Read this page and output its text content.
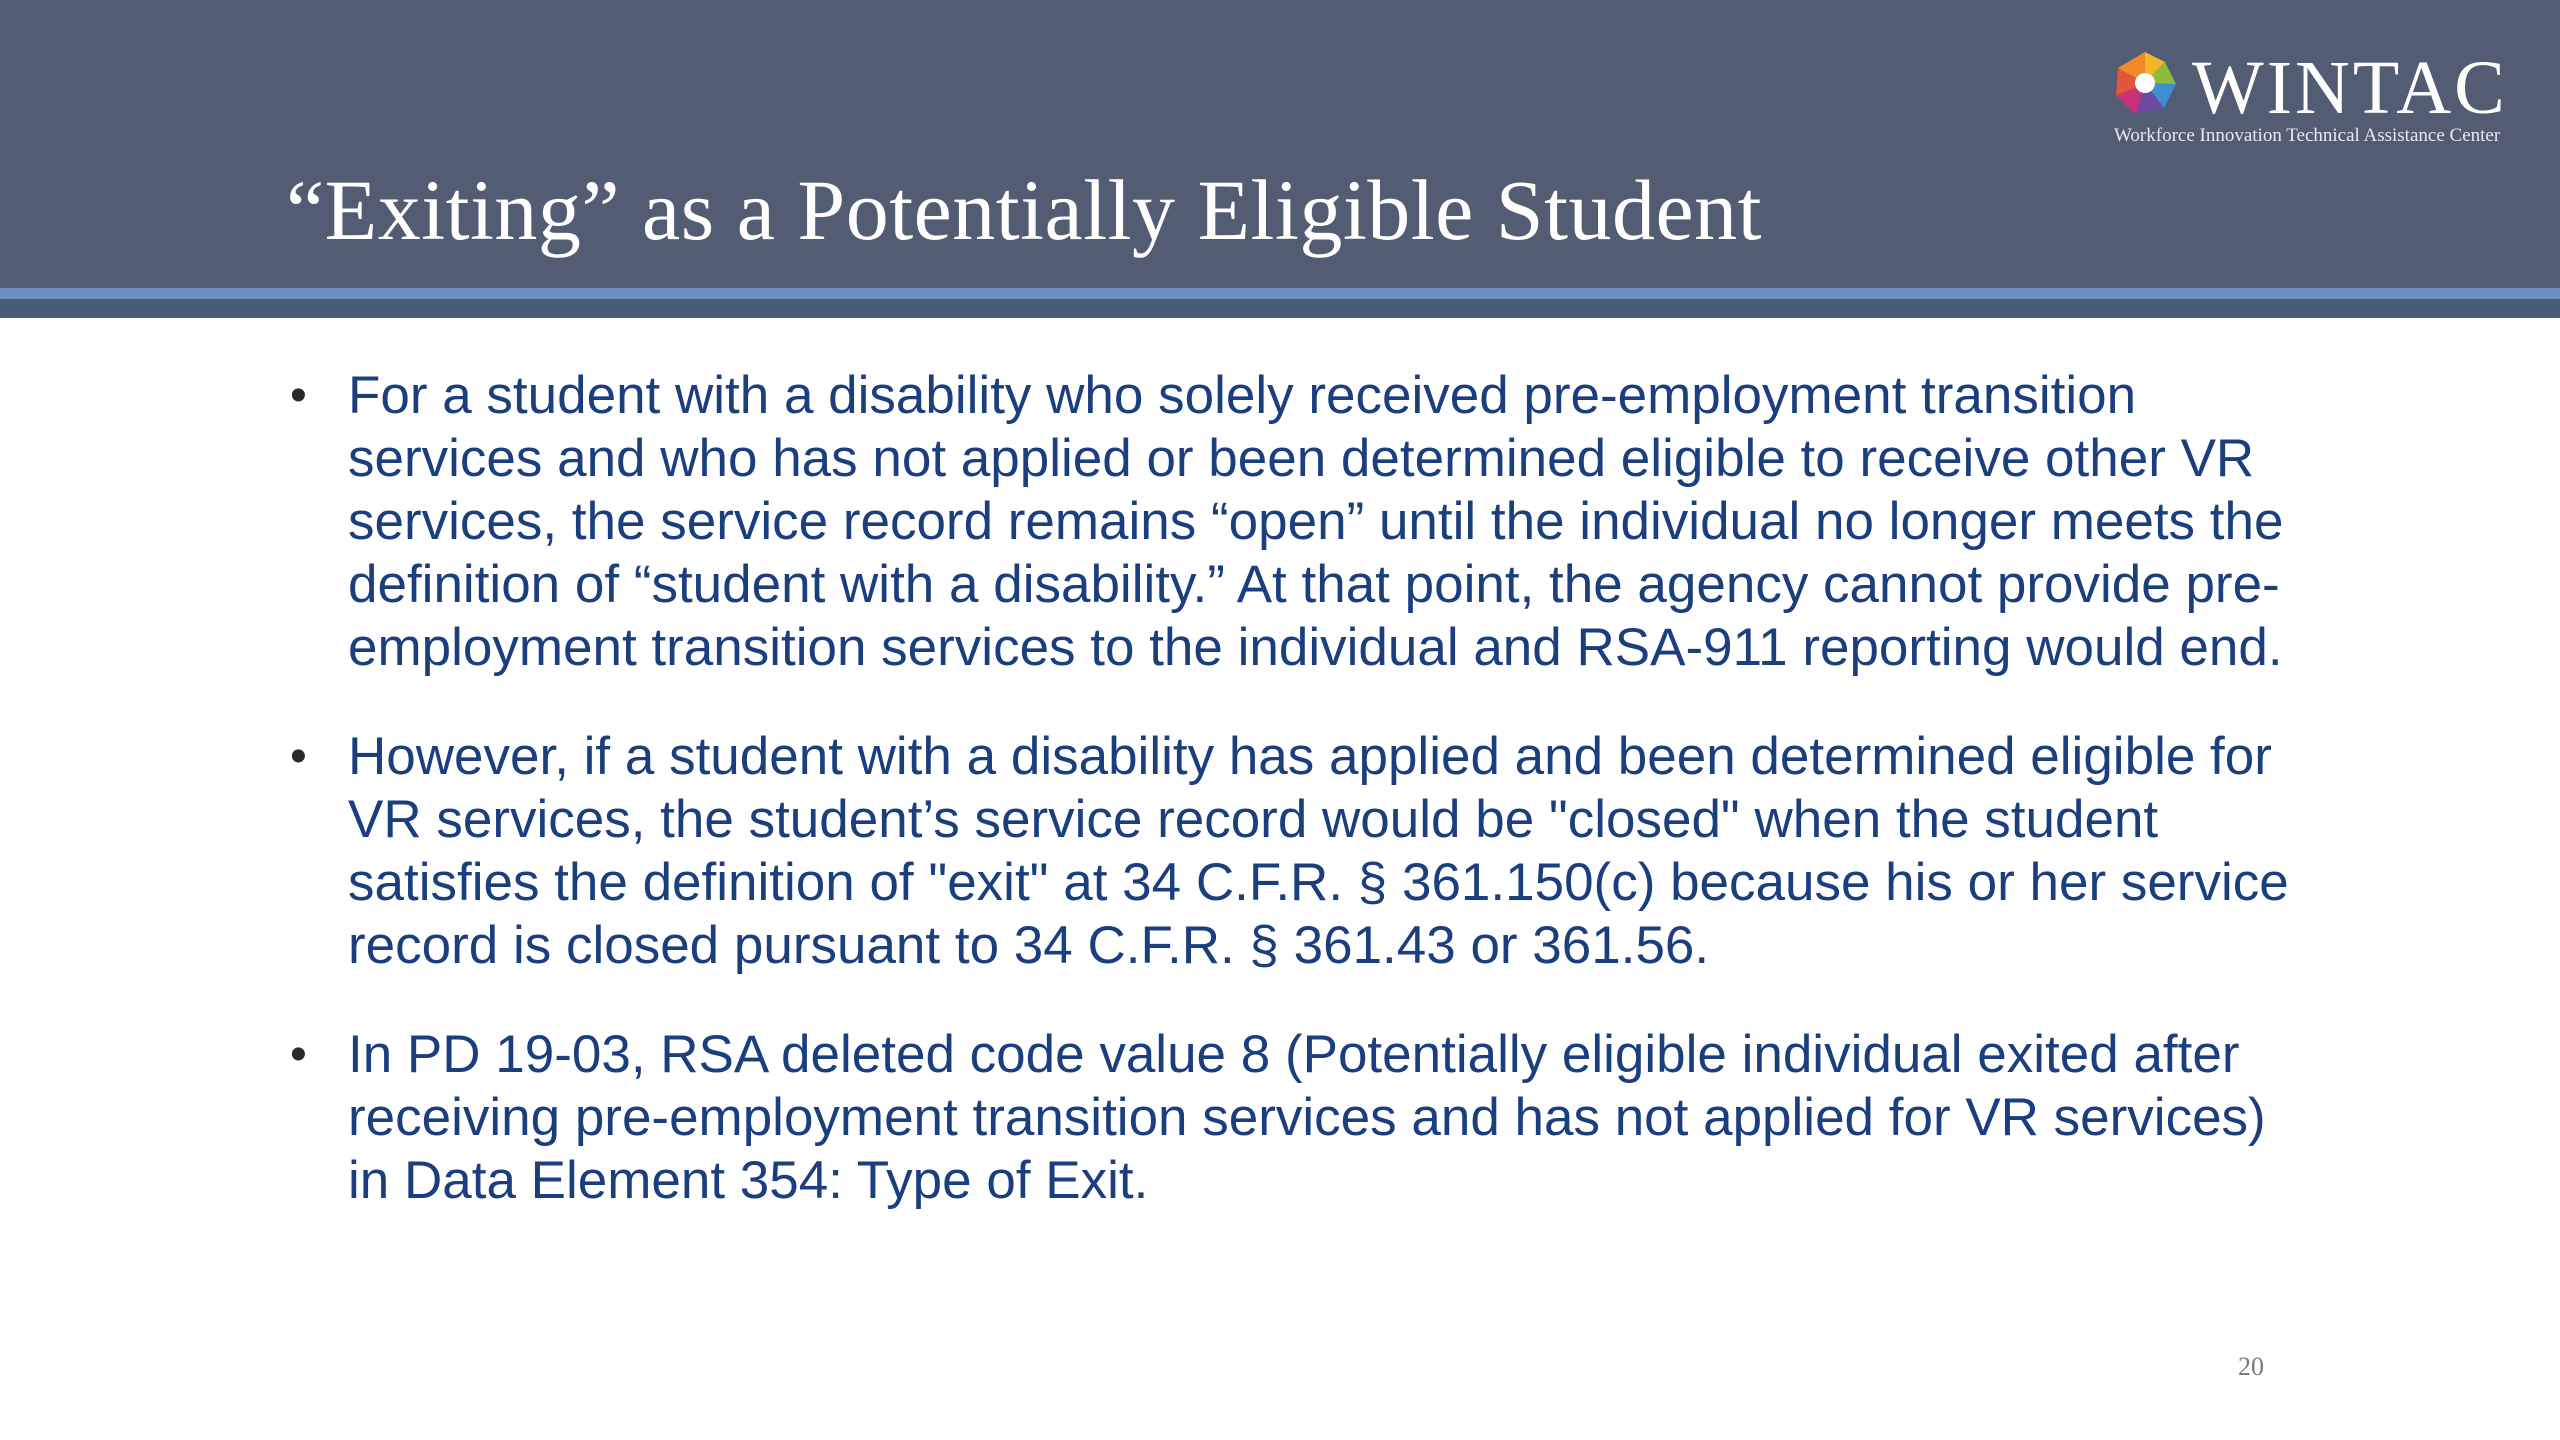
“Exiting” as a Potentially Eligible Student
WINTAC
Workforce Innovation Technical Assistance Center
• For a student with a disability who solely received pre-employment transition services and who has not applied or been determined eligible to receive other VR services, the service record remains “open” until the individual no longer meets the definition of “student with a disability.” At that point, the agency cannot provide pre-employment transition services to the individual and RSA-911 reporting would end.
• However, if a student with a disability has applied and been determined eligible for VR services, the student’s service record would be "closed" when the student satisfies the definition of "exit" at 34 C.F.R. § 361.150(c) because his or her service record is closed pursuant to 34 C.F.R. § 361.43 or 361.56.
• In PD 19-03, RSA deleted code value 8 (Potentially eligible individual exited after receiving pre-employment transition services and has not applied for VR services) in Data Element 354: Type of Exit.
20
